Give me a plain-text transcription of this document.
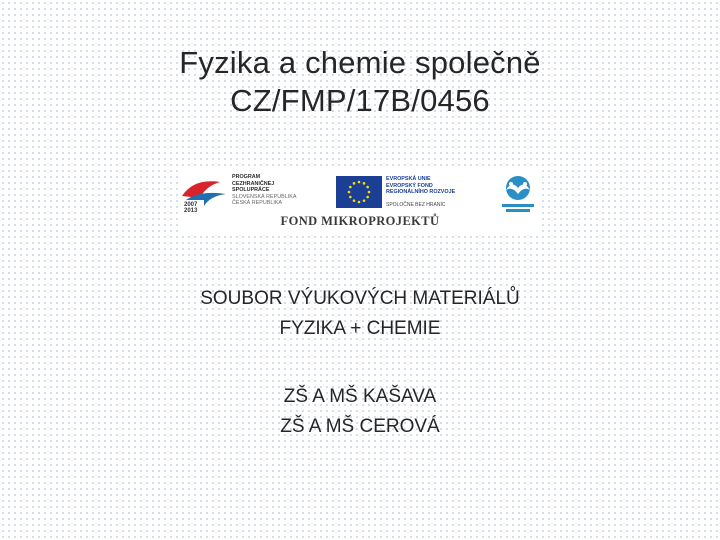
Fyzika a chemie společně
CZ/FMP/17B/0456
2007
2013
PROGRAM
CEZHRANIČNEJ
SPOLUPRÁCE
SLOVENSKÁ REPUBLIKA
ČESKÁ REPUBLIKA
EVROPSKÁ UNIE
EVROPSKÝ FOND
REGIONÁLNÍHO ROZVOJE
SPOLOČNE BEZ HRANÍC
FOND MIKROPROJEKTŮ
SOUBOR VÝUKOVÝCH MATERIÁLŮ
FYZIKA + CHEMIE
ZŠ A MŠ KAŠAVA
ZŠ A MŠ CEROVÁ
